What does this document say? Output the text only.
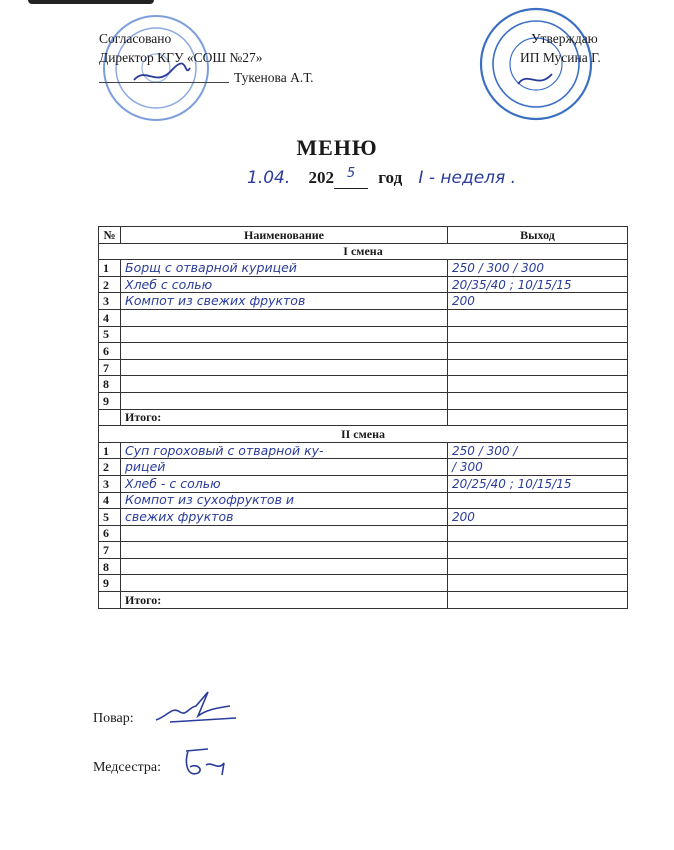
Согласовано
Директор КГУ «СОШ №27»
Тукенова А.Т.
Утверждаю
ИП Мусина Г.
МЕНЮ
1.04. 202 $^5$ год I - неделя .
№	Наименование	Выход
I смена		
1	Борщ с отварной курицей	250 / 300 / 300
2	Хлеб с солью	20/35/40 ; 10/15/15
3	Компот из свежих фруктов	200
4		
5		
6		
7		
8		
9		
	Итого:	
II смена		
1	Суп гороховый с отварной ку-	250 / 300 /
2	рицей	/ 300
3	Хлеб - с солью	20/25/40 ; 10/15/15
4	Компот из сухофруктов и	
5	свежих фруктов	200
6		
7		
8		
9		
	Итого:	
Повар:
Медсестра:
